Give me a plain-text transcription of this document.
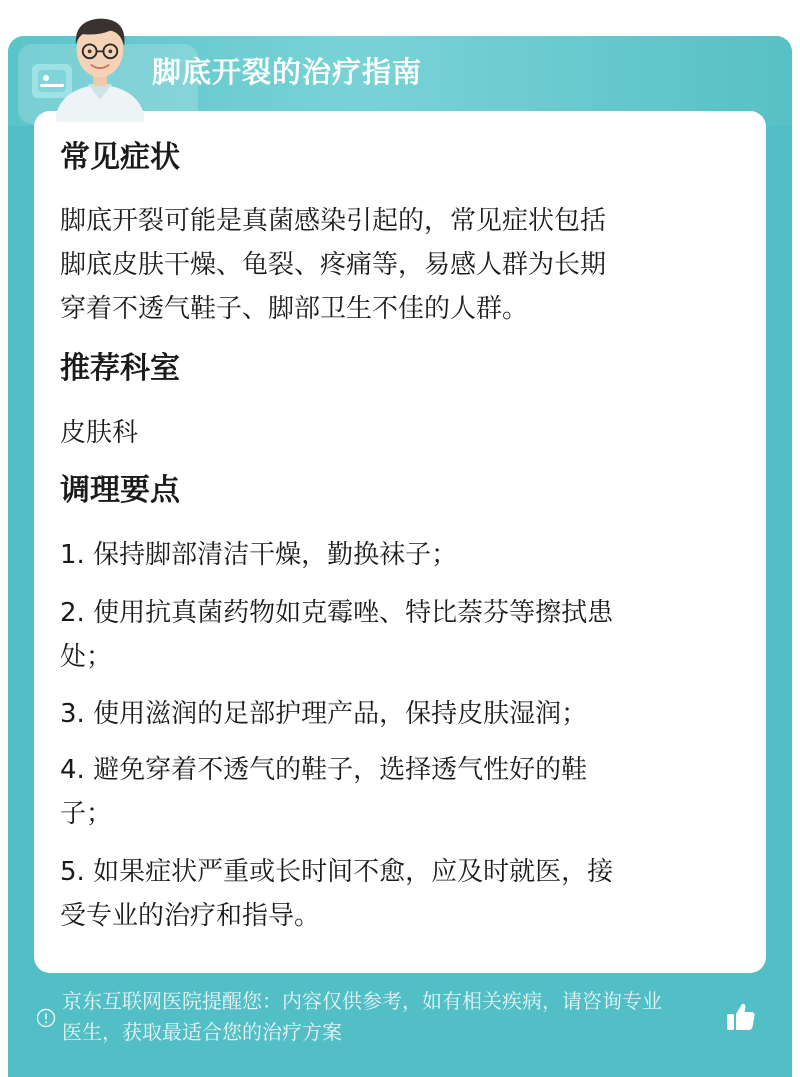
脚底开裂的治疗指南
常见症状
脚底开裂可能是真菌感染引起的，常见症状包括
脚底皮肤干燥、龟裂、疼痛等，易感人群为长期
穿着不透气鞋子、脚部卫生不佳的人群。
推荐科室
皮肤科
调理要点
1. 保持脚部清洁干燥，勤换袜子；
2. 使用抗真菌药物如克霉唑、特比萘芬等擦拭患
处；
3. 使用滋润的足部护理产品，保持皮肤湿润；
4. 避免穿着不透气的鞋子，选择透气性好的鞋
子；
5. 如果症状严重或长时间不愈，应及时就医，接
受专业的治疗和指导。
京东互联网医院提醒您：内容仅供参考，如有相关疾病，请咨询专业
医生，获取最适合您的治疗方案
